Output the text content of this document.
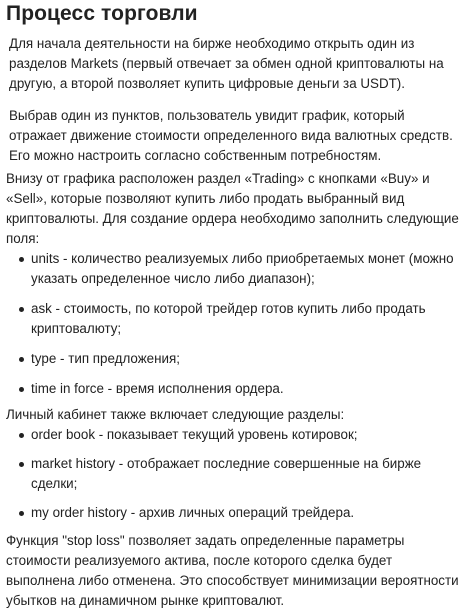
Процесс торговли

Для начала деятельности на бирже необходимо открыть один из разделов Markets (первый отвечает за обмен одной криптовалюты на другую, а второй позволяет купить цифровые деньги за USDT).

Выбрав один из пунктов, пользователь увидит график, который отражает движение стоимости определенного вида валютных средств. Его можно настроить согласно собственным потребностям.

Внизу от графика расположен раздел «Trading» с кнопками «Buy» и «Sell», которые позволяют купить либо продать выбранный вид криптовалюты. Для создание ордера необходимо заполнить следующие поля:

units - количество реализуемых либо приобретаемых монет (можно указать определенное число либо диапазон);
ask - стоимость, по которой трейдер готов купить либо продать криптовалюту;
type - тип предложения;
time in force - время исполнения ордера.

Личный кабинет также включает следующие разделы:

order book - показывает текущий уровень котировок;
market history - отображает последние совершенные на бирже сделки;
my order history - архив личных операций трейдера.

Функция "stop loss" позволяет задать определенные параметры стоимости реализуемого актива, после которого сделка будет выполнена либо отменена. Это способствует минимизации вероятности убытков на динамичном рынке криптовалют.
